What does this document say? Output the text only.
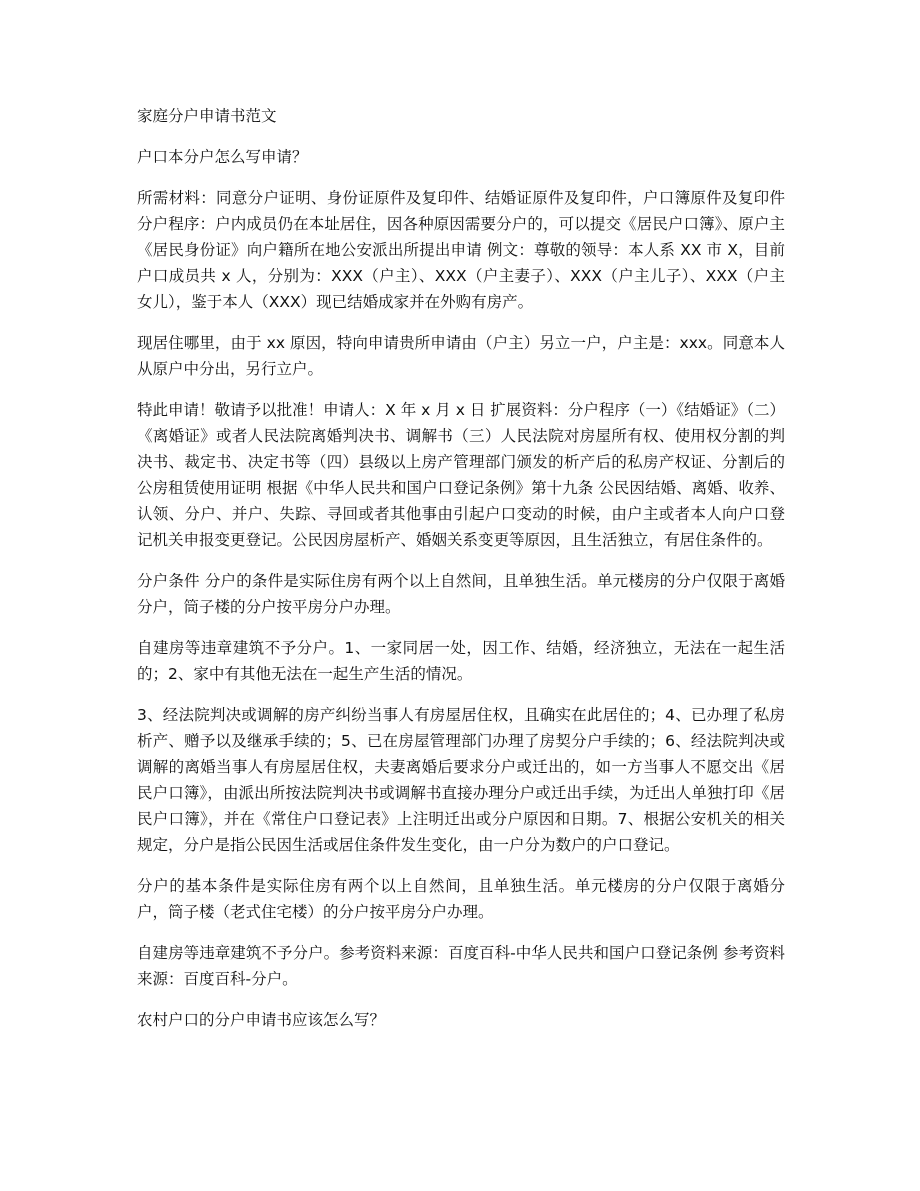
家庭分户申请书范文

户口本分户怎么写申请？

所需材料：同意分户证明、身份证原件及复印件、结婚证原件及复印件，户口簿原件及复印件 分户程序：户内成员仍在本址居住，因各种原因需要分户的，可以提交《居民户口簿》、原户主《居民身份证》向户籍所在地公安派出所提出申请 例文：尊敬的领导：本人系 XX 市 X，目前户口成员共 x 人，分别为：XXX（户主）、XXX（户主妻子）、XXX（户主儿子）、XXX（户主女儿），鉴于本人（XXX）现已结婚成家并在外购有房产。

现居住哪里，由于 xx 原因，特向申请贵所申请由（户主）另立一户，户主是：xxx。同意本人从原户中分出，另行立户。

特此申请！敬请予以批准！申请人：X 年 x 月 x 日 扩展资料：分户程序（一）《结婚证》（二）《离婚证》或者人民法院离婚判决书、调解书（三）人民法院对房屋所有权、使用权分割的判决书、裁定书、决定书等（四）县级以上房产管理部门颁发的析产后的私房产权证、分割后的公房租赁使用证明 根据《中华人民共和国户口登记条例》第十九条 公民因结婚、离婚、收养、认领、分户、并户、失踪、寻回或者其他事由引起户口变动的时候，由户主或者本人向户口登记机关申报变更登记。公民因房屋析产、婚姻关系变更等原因，且生活独立，有居住条件的。

分户条件 分户的条件是实际住房有两个以上自然间，且单独生活。单元楼房的分户仅限于离婚分户，筒子楼的分户按平房分户办理。

自建房等违章建筑不予分户。1、一家同居一处，因工作、结婚，经济独立，无法在一起生活的；2、家中有其他无法在一起生产生活的情况。

3、经法院判决或调解的房产纠纷当事人有房屋居住权，且确实在此居住的；4、已办理了私房析产、赠予以及继承手续的；5、已在房屋管理部门办理了房契分户手续的；6、经法院判决或调解的离婚当事人有房屋居住权，夫妻离婚后要求分户或迁出的，如一方当事人不愿交出《居民户口簿》，由派出所按法院判决书或调解书直接办理分户或迁出手续，为迁出人单独打印《居民户口簿》，并在《常住户口登记表》上注明迁出或分户原因和日期。7、根据公安机关的相关规定，分户是指公民因生活或居住条件发生变化，由一户分为数户的户口登记。

分户的基本条件是实际住房有两个以上自然间，且单独生活。单元楼房的分户仅限于离婚分户，筒子楼（老式住宅楼）的分户按平房分户办理。

自建房等违章建筑不予分户。参考资料来源：百度百科-中华人民共和国户口登记条例 参考资料来源：百度百科-分户。

农村户口的分户申请书应该怎么写？
